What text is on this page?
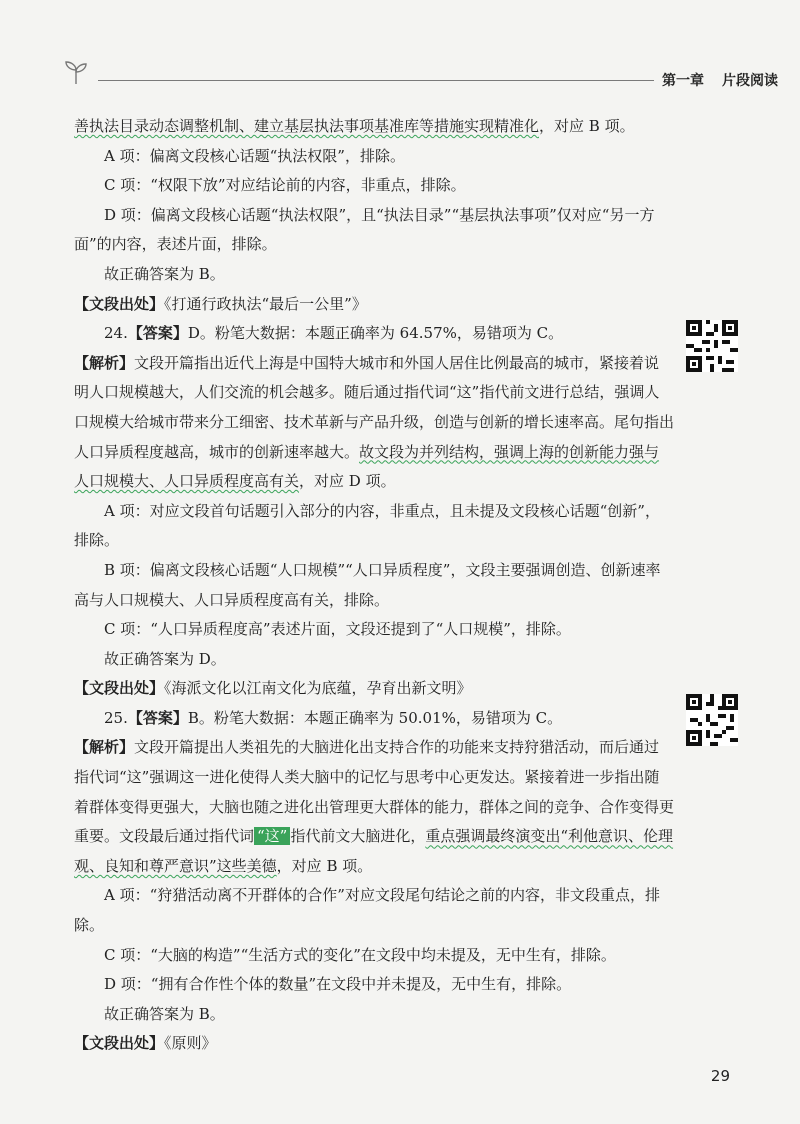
第一章 片段阅读

善执法目录动态调整机制、建立基层执法事项基准库等措施实现精准化，对应 B 项。

A 项：偏离文段核心话题“执法权限”，排除。

C 项：“权限下放”对应结论前的内容，非重点，排除。

D 项：偏离文段核心话题“执法权限”，且“执法目录”“基层执法事项”仅对应“另一方面”的内容，表述片面，排除。

故正确答案为 B。

【文段出处】《打通行政执法“最后一公里”》

24.【答案】D。粉笔大数据：本题正确率为 64.57%，易错项为 C。

【解析】文段开篇指出近代上海是中国特大城市和外国人居住比例最高的城市，紧接着说明人口规模越大，人们交流的机会越多。随后通过指代词“这”指代前文进行总结，强调人口规模大给城市带来分工细密、技术革新与产品升级，创造与创新的增长速率高。尾句指出人口异质程度越高，城市的创新速率越大。故文段为并列结构，强调上海的创新能力强与人口规模大、人口异质程度高有关，对应 D 项。

A 项：对应文段首句话题引入部分的内容，非重点，且未提及文段核心话题“创新”，排除。

B 项：偏离文段核心话题“人口规模”“人口异质程度”，文段主要强调创造、创新速率高与人口规模大、人口异质程度高有关，排除。

C 项：“人口异质程度高”表述片面，文段还提到了“人口规模”，排除。

故正确答案为 D。

【文段出处】《海派文化以江南文化为底蕴，孕育出新文明》

25.【答案】B。粉笔大数据：本题正确率为 50.01%，易错项为 C。

【解析】文段开篇提出人类祖先的大脑进化出支持合作的功能来支持狩猎活动，而后通过指代词“这”强调这一进化使得人类大脑中的记忆与思考中心更发达。紧接着进一步指出随着群体变得更强大，大脑也随之进化出管理更大群体的能力，群体之间的竞争、合作变得更重要。文段最后通过指代词 “这” 指代前文大脑进化，重点强调最终演变出“利他意识、伦理观、良知和尊严意识”这些美德，对应 B 项。

A 项：“狩猎活动离不开群体的合作”对应文段尾句结论之前的内容，非文段重点，排除。

C 项：“大脑的构造”“生活方式的变化”在文段中均未提及，无中生有，排除。

D 项：“拥有合作性个体的数量”在文段中并未提及，无中生有，排除。

故正确答案为 B。

【文段出处】《原则》

29
